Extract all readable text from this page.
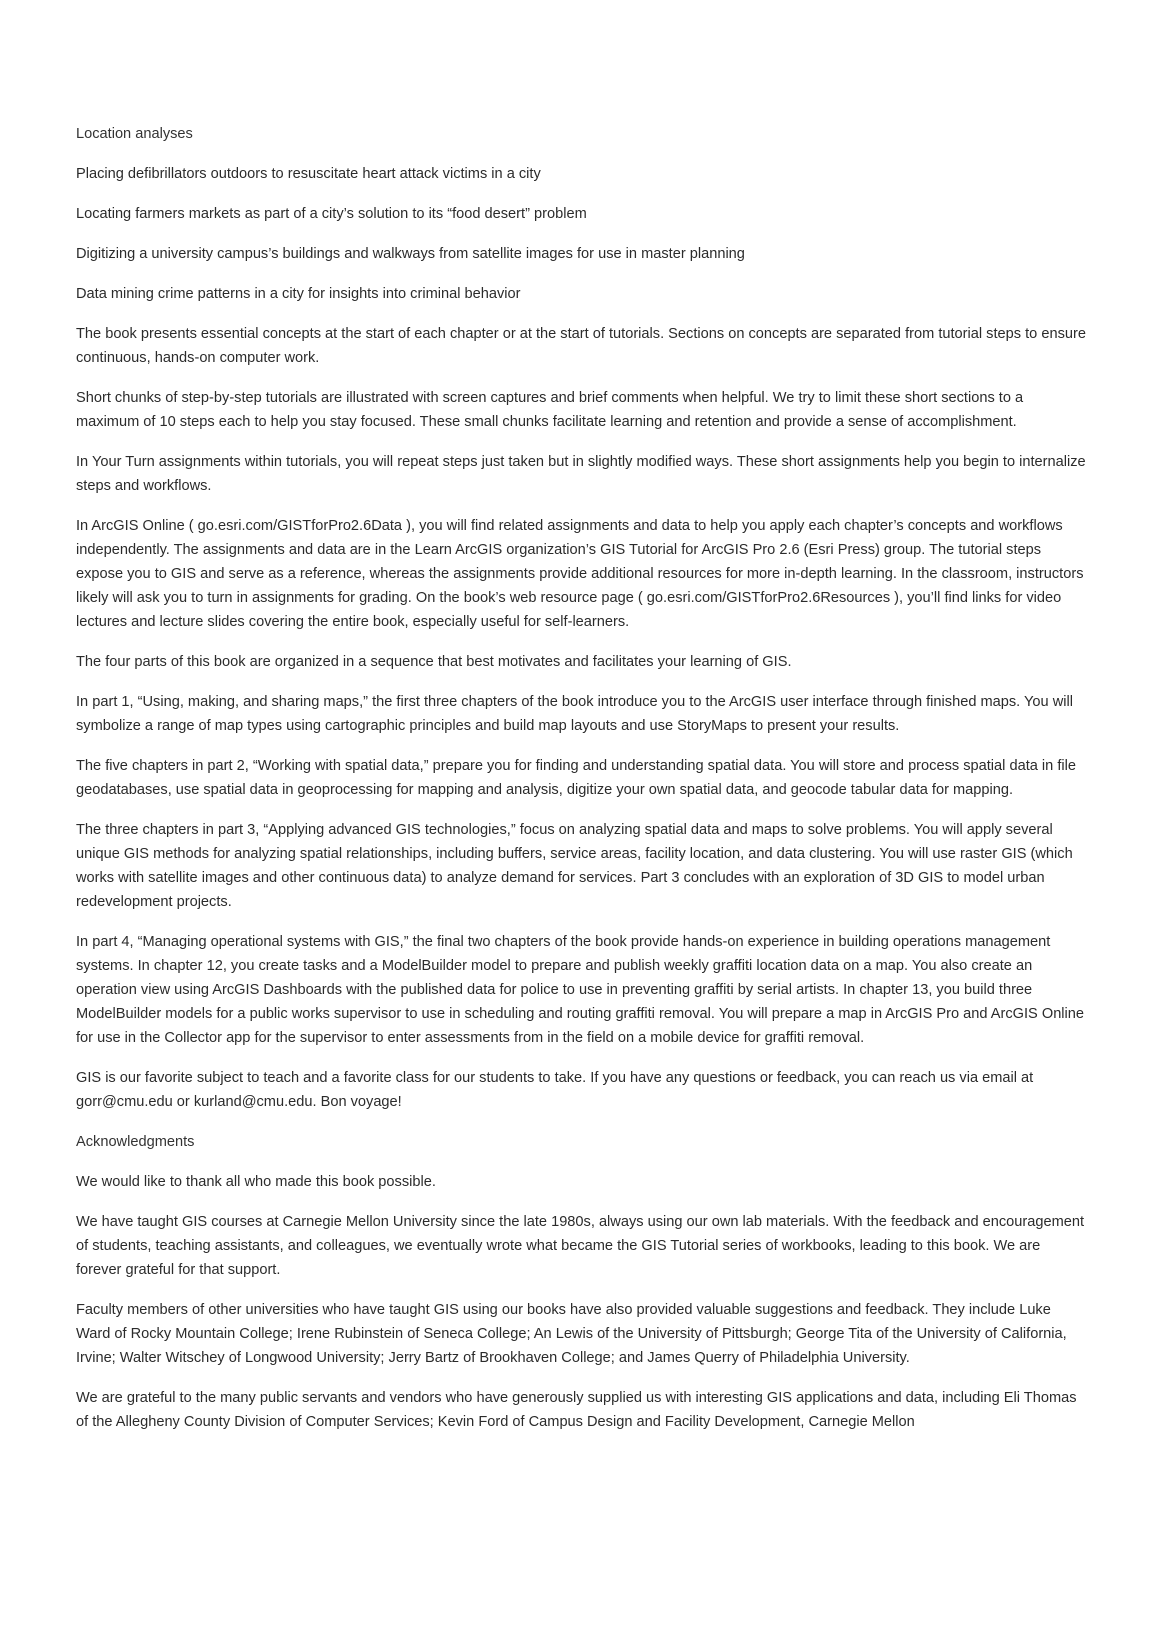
Location analyses

Placing defibrillators outdoors to resuscitate heart attack victims in a city

Locating farmers markets as part of a city’s solution to its “food desert” problem

Digitizing a university campus’s buildings and walkways from satellite images for use in master planning

Data mining crime patterns in a city for insights into criminal behavior

The book presents essential concepts at the start of each chapter or at the start of tutorials. Sections on concepts are separated from tutorial steps to ensure continuous, hands-on computer work.

Short chunks of step-by-step tutorials are illustrated with screen captures and brief comments when helpful. We try to limit these short sections to a maximum of 10 steps each to help you stay focused. These small chunks facilitate learning and retention and provide a sense of accomplishment.

In Your Turn assignments within tutorials, you will repeat steps just taken but in slightly modified ways. These short assignments help you begin to internalize steps and workflows.

In ArcGIS Online ( go.esri.com/GISTforPro2.6Data ), you will find related assignments and data to help you apply each chapter’s concepts and workflows independently. The assignments and data are in the Learn ArcGIS organization’s GIS Tutorial for ArcGIS Pro 2.6 (Esri Press) group. The tutorial steps expose you to GIS and serve as a reference, whereas the assignments provide additional resources for more in-depth learning. In the classroom, instructors likely will ask you to turn in assignments for grading. On the book’s web resource page ( go.esri.com/GISTforPro2.6Resources ), you’ll find links for video lectures and lecture slides covering the entire book, especially useful for self-learners.

The four parts of this book are organized in a sequence that best motivates and facilitates your learning of GIS.

In part 1, “Using, making, and sharing maps,” the first three chapters of the book introduce you to the ArcGIS user interface through finished maps. You will symbolize a range of map types using cartographic principles and build map layouts and use StoryMaps to present your results.

The five chapters in part 2, “Working with spatial data,” prepare you for finding and understanding spatial data. You will store and process spatial data in file geodatabases, use spatial data in geoprocessing for mapping and analysis, digitize your own spatial data, and geocode tabular data for mapping.

The three chapters in part 3, “Applying advanced GIS technologies,” focus on analyzing spatial data and maps to solve problems. You will apply several unique GIS methods for analyzing spatial relationships, including buffers, service areas, facility location, and data clustering. You will use raster GIS (which works with satellite images and other continuous data) to analyze demand for services. Part 3 concludes with an exploration of 3D GIS to model urban redevelopment projects.

In part 4, “Managing operational systems with GIS,” the final two chapters of the book provide hands-on experience in building operations management systems. In chapter 12, you create tasks and a ModelBuilder model to prepare and publish weekly graffiti location data on a map. You also create an operation view using ArcGIS Dashboards with the published data for police to use in preventing graffiti by serial artists. In chapter 13, you build three ModelBuilder models for a public works supervisor to use in scheduling and routing graffiti removal. You will prepare a map in ArcGIS Pro and ArcGIS Online for use in the Collector app for the supervisor to enter assessments from in the field on a mobile device for graffiti removal.

GIS is our favorite subject to teach and a favorite class for our students to take. If you have any questions or feedback, you can reach us via email at gorr@cmu.edu or kurland@cmu.edu. Bon voyage!

Acknowledgments

We would like to thank all who made this book possible.

We have taught GIS courses at Carnegie Mellon University since the late 1980s, always using our own lab materials. With the feedback and encouragement of students, teaching assistants, and colleagues, we eventually wrote what became the GIS Tutorial series of workbooks, leading to this book. We are forever grateful for that support.

Faculty members of other universities who have taught GIS using our books have also provided valuable suggestions and feedback. They include Luke Ward of Rocky Mountain College; Irene Rubinstein of Seneca College; An Lewis of the University of Pittsburgh; George Tita of the University of California, Irvine; Walter Witschey of Longwood University; Jerry Bartz of Brookhaven College; and James Querry of Philadelphia University.

We are grateful to the many public servants and vendors who have generously supplied us with interesting GIS applications and data, including Eli Thomas of the Allegheny County Division of Computer Services; Kevin Ford of Campus Design and Facility Development, Carnegie Mellon
